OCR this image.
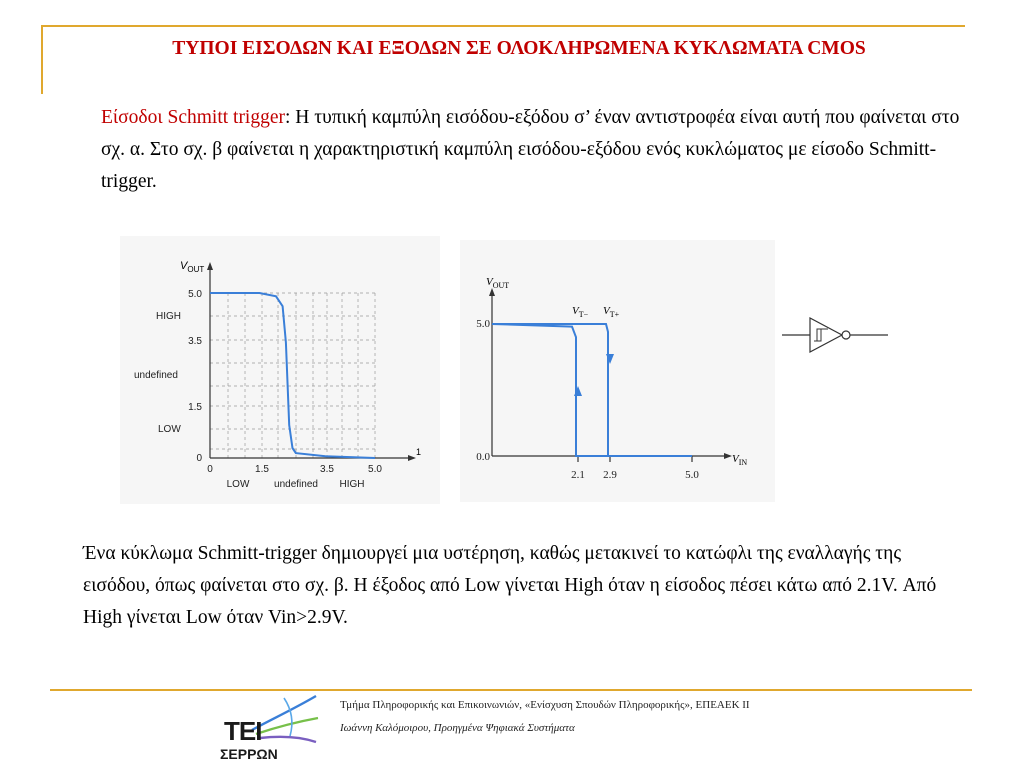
ΤΥΠΟΙ ΕΙΣΟΔΩΝ ΚΑΙ ΕΞΟΔΩΝ ΣΕ ΟΛΟΚΛΗΡΩΜΕΝΑ ΚΥΚΛΩΜΑΤΑ CMOS
Είσοδοι Schmitt trigger: Η τυπική καμπύλη εισόδου-εξόδου σ’ έναν αντιστροφέα είναι αυτή που φαίνεται στο σχ. α. Στο σχ. β φαίνεται η χαρακτηριστική καμπύλη εισόδου-εξόδου ενός κυκλώματος με είσοδο Schmitt-trigger.
$V_{OUT}$
1
5.0
3.5
1.5
0
HIGH
undefined
LOW
0	1.5	3.5	5.0
LOW undefined HIGH
$V_{OUT}$
$V_{IN}$
5.0
0.0
2.1 2.9	5.0
$V_{T-}$ $V_{T+}$
Ένα κύκλωμα Schmitt-trigger δημιουργεί μια υστέρηση, καθώς μετακινεί το κατώφλι της εναλλαγής της εισόδου, όπως φαίνεται στο σχ. β. Η έξοδος από Low γίνεται High όταν η είσοδος πέσει κάτω από 2.1V. Από High γίνεται Low όταν Vin>2.9V.
ΤΕΙ
ΣΕΡΡΩΝ
Τμήμα Πληροφορικής και Επικοινωνιών, «Ενίσχυση Σπουδών Πληροφορικής», ΕΠΕΑΕΚ ΙΙ
Ιωάννη Καλόμοιρου, Προηγμένα Ψηφιακά Συστήματα
